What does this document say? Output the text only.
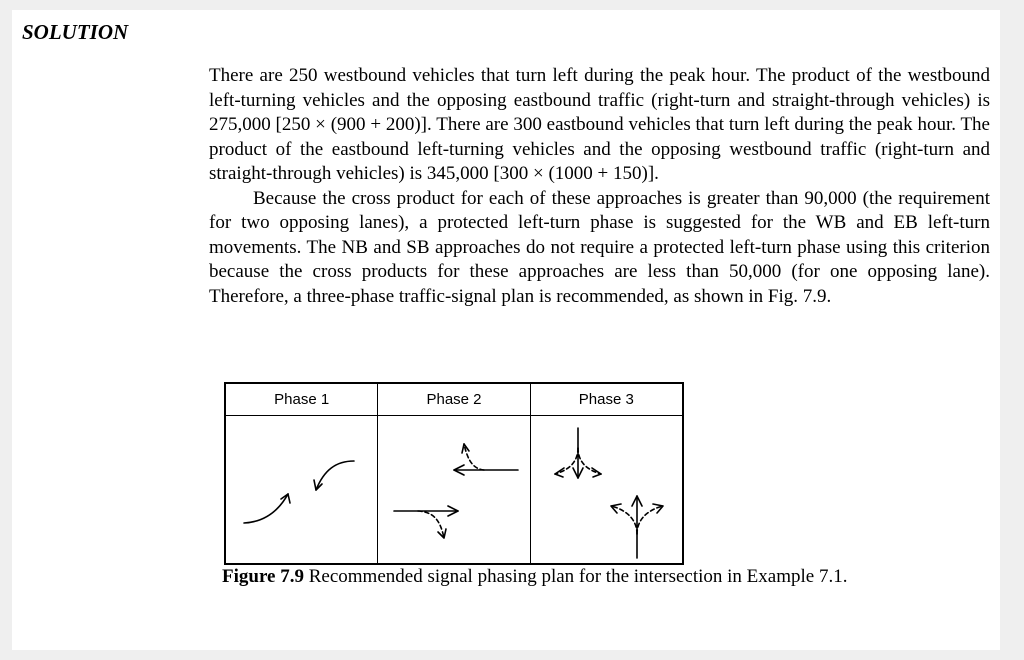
SOLUTION

There are 250 westbound vehicles that turn left during the peak hour. The product of the westbound left-turning vehicles and the opposing eastbound traffic (right-turn and straight-through vehicles) is 275,000 [250 × (900 + 200)]. There are 300 eastbound vehicles that turn left during the peak hour. The product of the eastbound left-turning vehicles and the opposing westbound traffic (right-turn and straight-through vehicles) is 345,000 [300 × (1000 + 150)].

Because the cross product for each of these approaches is greater than 90,000 (the requirement for two opposing lanes), a protected left-turn phase is suggested for the WB and EB left-turn movements. The NB and SB approaches do not require a protected left-turn phase using this criterion because the cross products for these approaches are less than 50,000 (for one opposing lane). Therefore, a three-phase traffic-signal plan is recommended, as shown in Fig. 7.9.

Phase 1	Phase 2	Phase 3
Figure 7.9 Recommended signal phasing plan for the intersection in Example 7.1.
